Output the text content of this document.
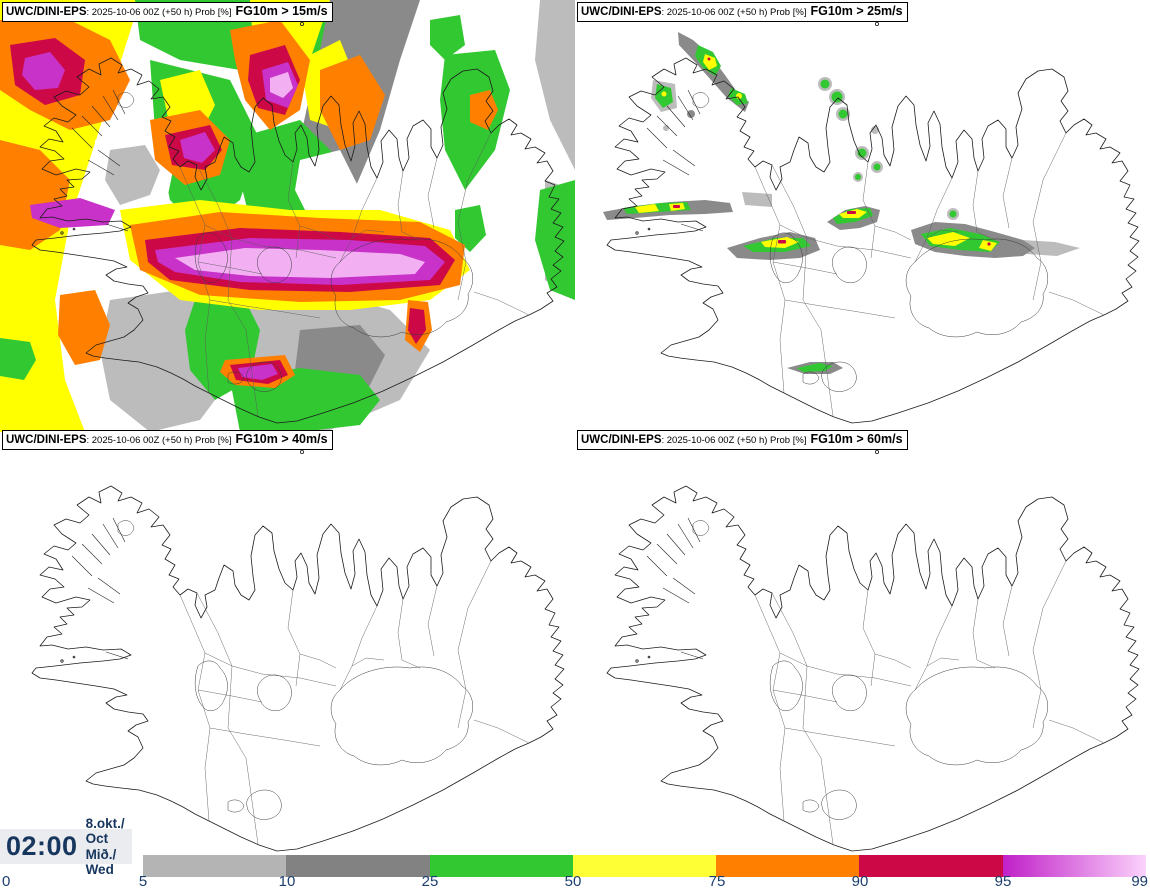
UWC/DINI-EPS : 2025-10-06 00Z (+50 h) Prob [%] FG10m > 15m/s	UWC/DINI-EPS : 2025-10-06 00Z (+50 h) Prob [%] FG10m > 25m/s
UWC/DINI-EPS : 2025-10-06 00Z (+50 h) Prob [%] FG10m > 40m/s	UWC/DINI-EPS : 2025-10-06 00Z (+50 h) Prob [%] FG10m > 60m/s
02:00
8.okt./ Oct
Mið./ Wed
0	5	10	25	50	75	90	95	99
